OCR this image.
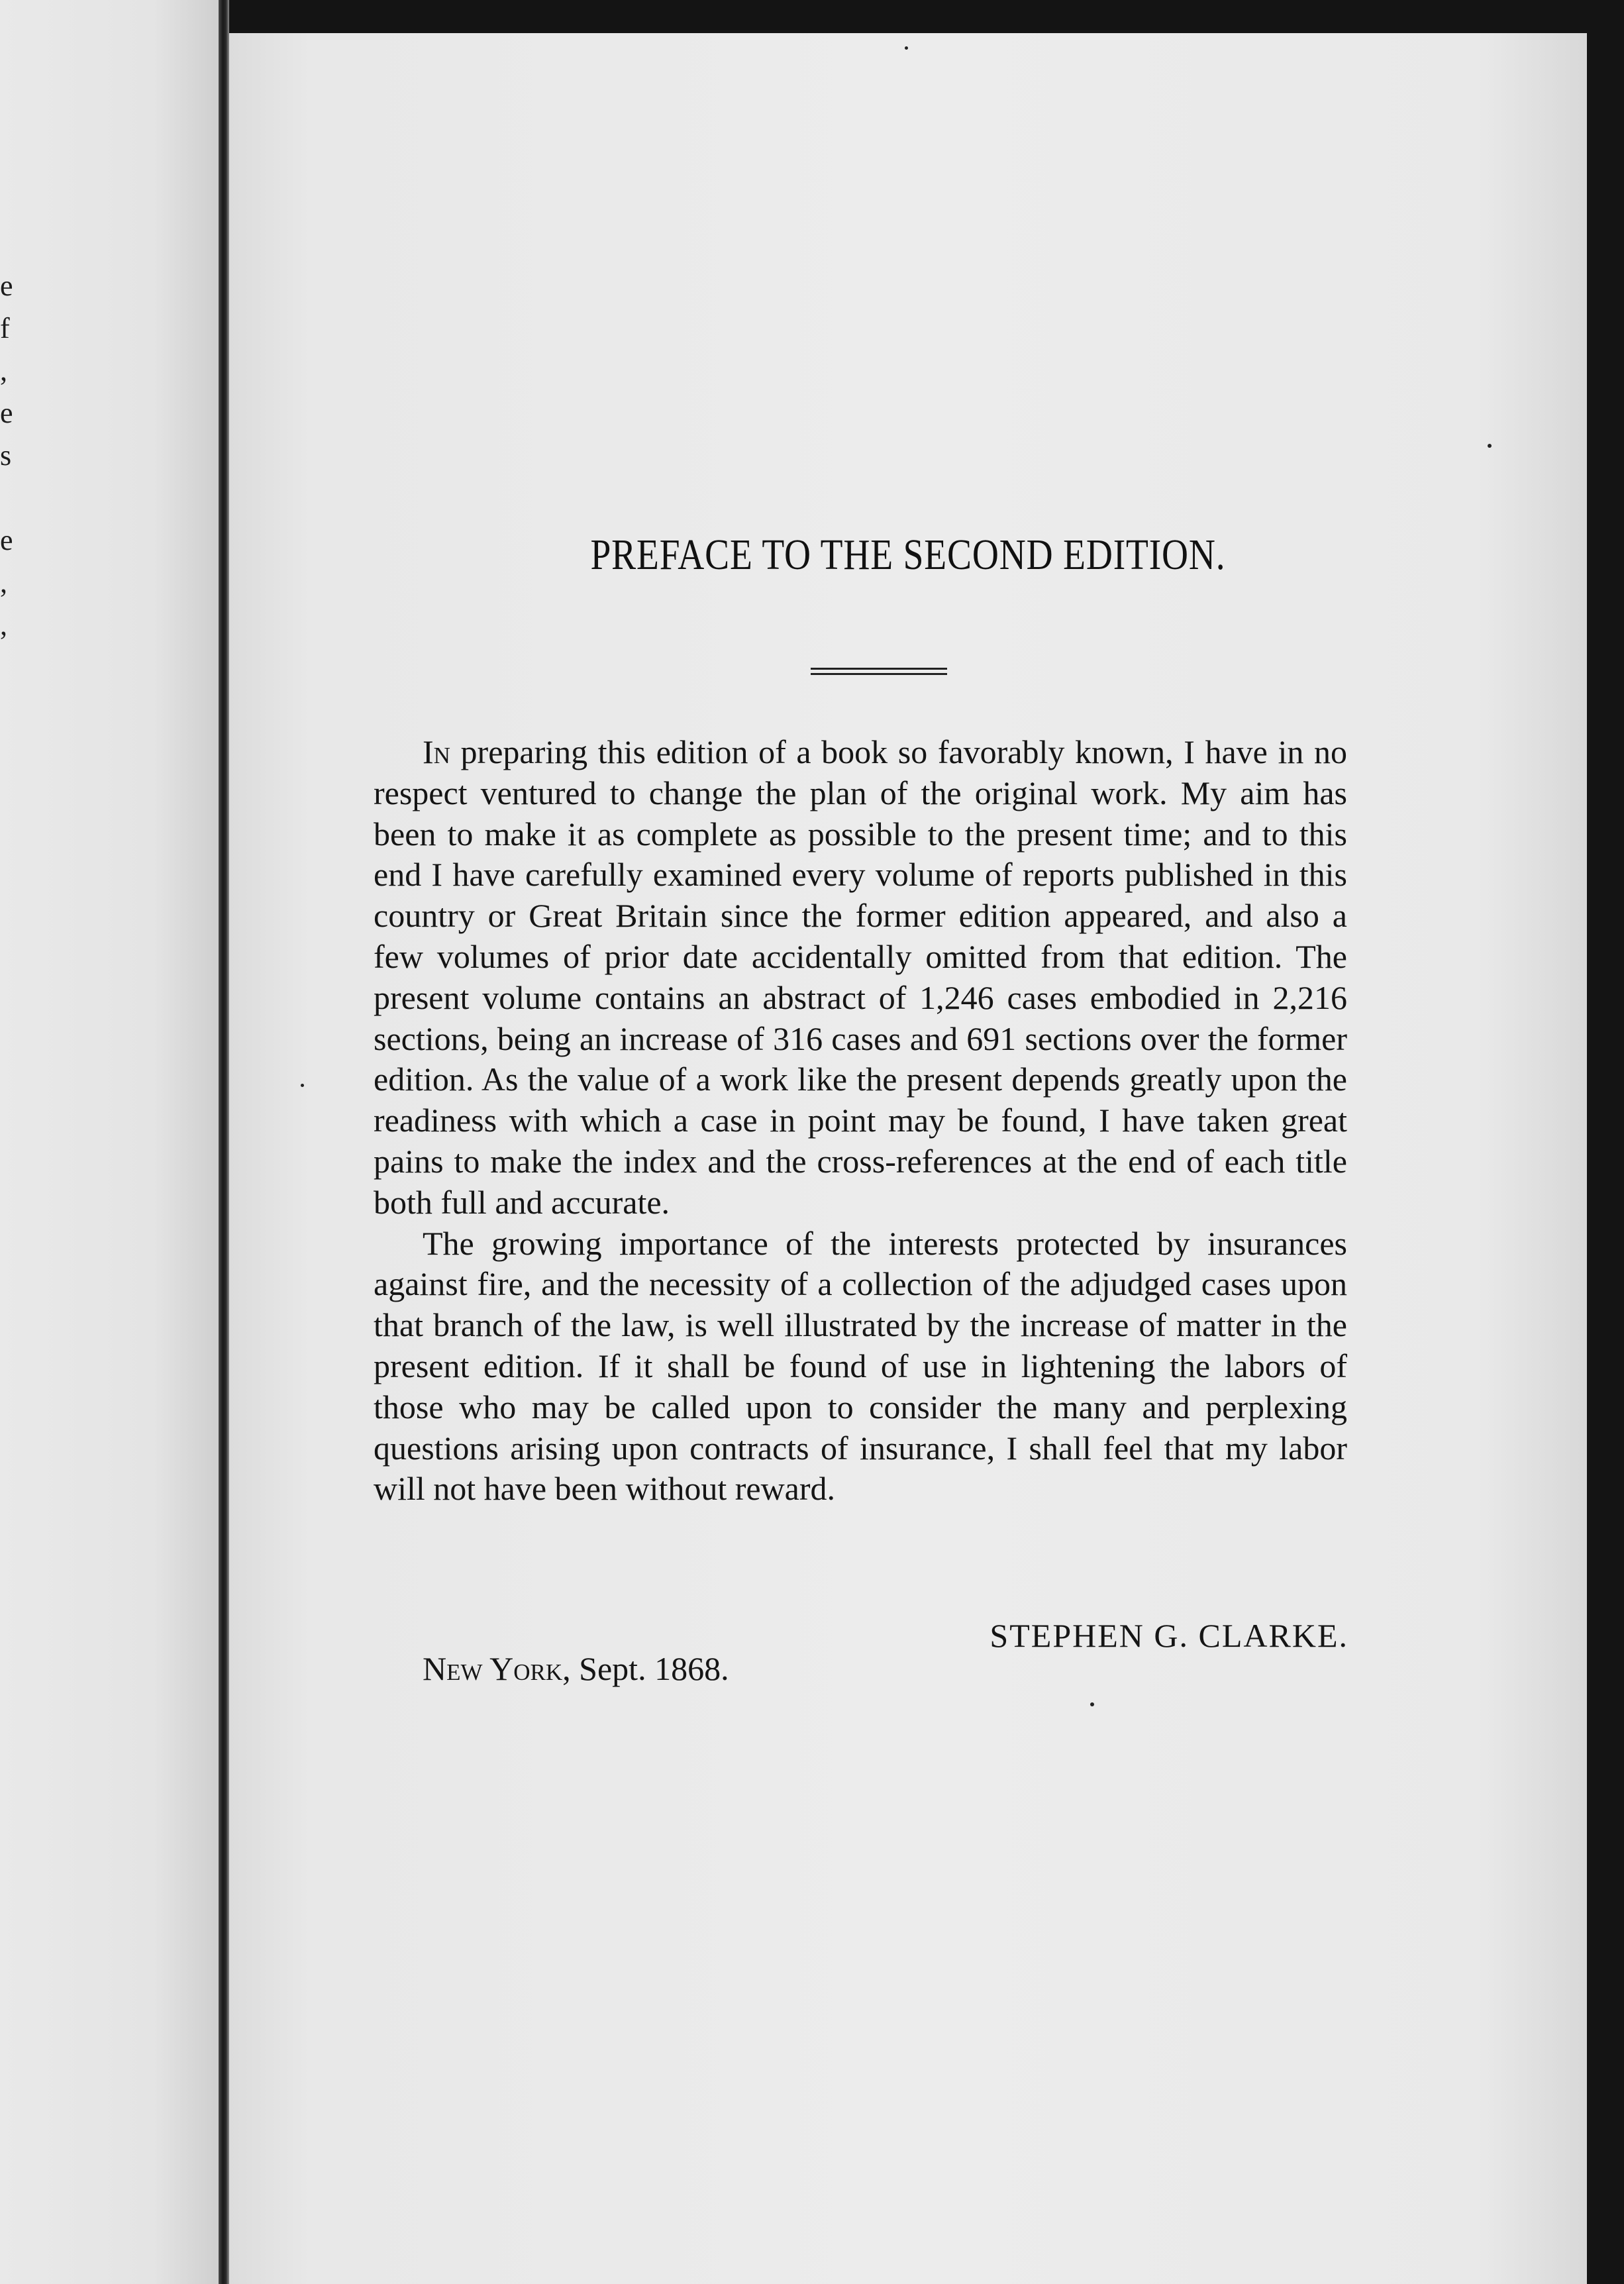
e
f
,
e
s
e
,
,
PREFACE TO THE SECOND EDITION.

In preparing this edition of a book so favorably known, I have in no respect ventured to change the plan of the original work. My aim has been to make it as complete as possible to the present time; and to this end I have carefully examined every volume of reports published in this country or Great Britain since the former edition appeared, and also a few volumes of prior date accidentally omitted from that edition. The present volume contains an abstract of 1,246 cases embodied in 2,216 sections, being an increase of 316 cases and 691 sections over the former edition. As the value of a work like the present depends greatly upon the readiness with which a case in point may be found, I have taken great pains to make the index and the cross-references at the end of each title both full and accurate.

The growing importance of the interests protected by insurances against fire, and the necessity of a collection of the adjudged cases upon that branch of the law, is well illustrated by the increase of matter in the present edition. If it shall be found of use in lightening the labors of those who may be called upon to consider the many and perplexing questions arising upon contracts of insurance, I shall feel that my labor will not have been without reward.

STEPHEN G. CLARKE.
New York, Sept. 1868.
